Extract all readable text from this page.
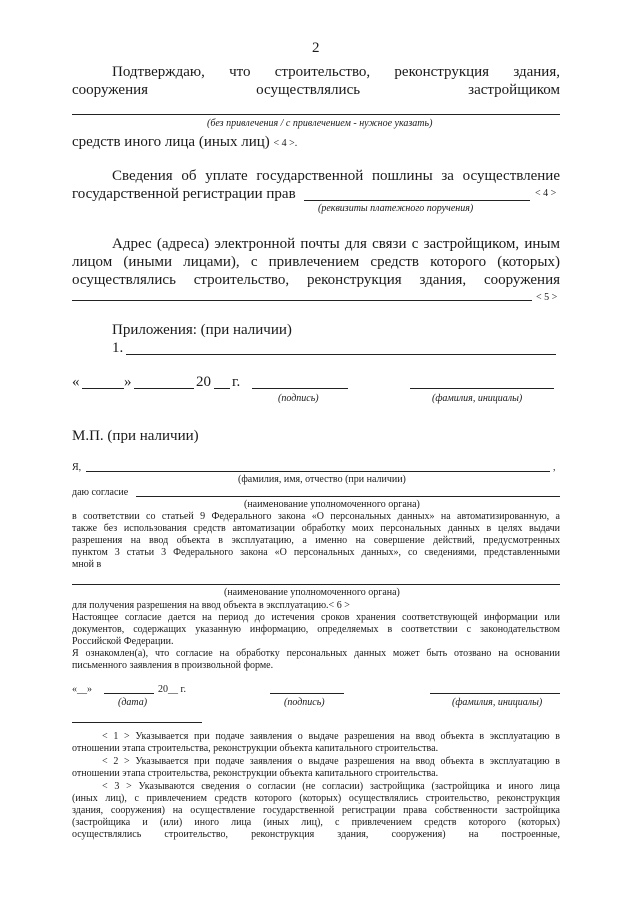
2
Подтверждаю, что строительство, реконструкция здания,
сооружения осуществлялись застройщиком
(без привлечения / с привлечением - нужное указать)
средств иного лица (иных лиц) < 4 >.
Сведения об уплате государственной пошлины за осуществление
государственной регистрации прав	< 4 >
(реквизиты платежного поручения)
Адрес (адреса) электронной почты для связи с застройщиком, иным
лицом (иными лицами), с привлечением средств которого (которых)
осуществлялись строительство, реконструкция здания, сооружения
< 5 >
Приложения: (при наличии)
1.
«	»	20 г.
(подпись)	(фамилия, инициалы)
М.П. (при наличии)
Я,	,
(фамилия, имя, отчество (при наличии)
даю согласие
(наименование уполномоченного органа)
в соответствии со статьей 9 Федерального закона «О персональных данных» на автоматизированную, а
также без использования средств автоматизации обработку моих персональных данных в целях выдачи
разрешения на ввод объекта в эксплуатацию, а именно на совершение действий, предусмотренных
пунктом 3 статьи 3 Федерального закона «О персональных данных», со сведениями, представленными
мной в
(наименование уполномоченного органа)
для получения разрешения на ввод объекта в эксплуатацию.< 6 >
Настоящее согласие дается на период до истечения сроков хранения соответствующей информации или
документов, содержащих указанную информацию, определяемых в соответствии с законодательством
Российской Федерации.
Я ознакомлен(а), что согласие на обработку персональных данных может быть отозвано на основании
письменного заявления в произвольной форме.
«__»	20__ г.
(дата)	(подпись)	(фамилия, инициалы)
< 1 > Указывается при подаче заявления о выдаче разрешения на ввод объекта в эксплуатацию в
отношении этапа строительства, реконструкции объекта капитального строительства.
< 2 > Указывается при подаче заявления о выдаче разрешения на ввод объекта в эксплуатацию в
отношении этапа строительства, реконструкции объекта капитального строительства.
< 3 > Указываются сведения о согласии (не согласии) застройщика (застройщика и иного лица
(иных лиц), с привлечением средств которого (которых) осуществлялись строительство, реконструкция
здания, сооружения) на осуществление государственной регистрации права собственности застройщика
(застройщика и (или) иного лица (иных лиц), с привлечением средств которого (которых)
осуществлялись строительство, реконструкция здания, сооружения) на построенные,
